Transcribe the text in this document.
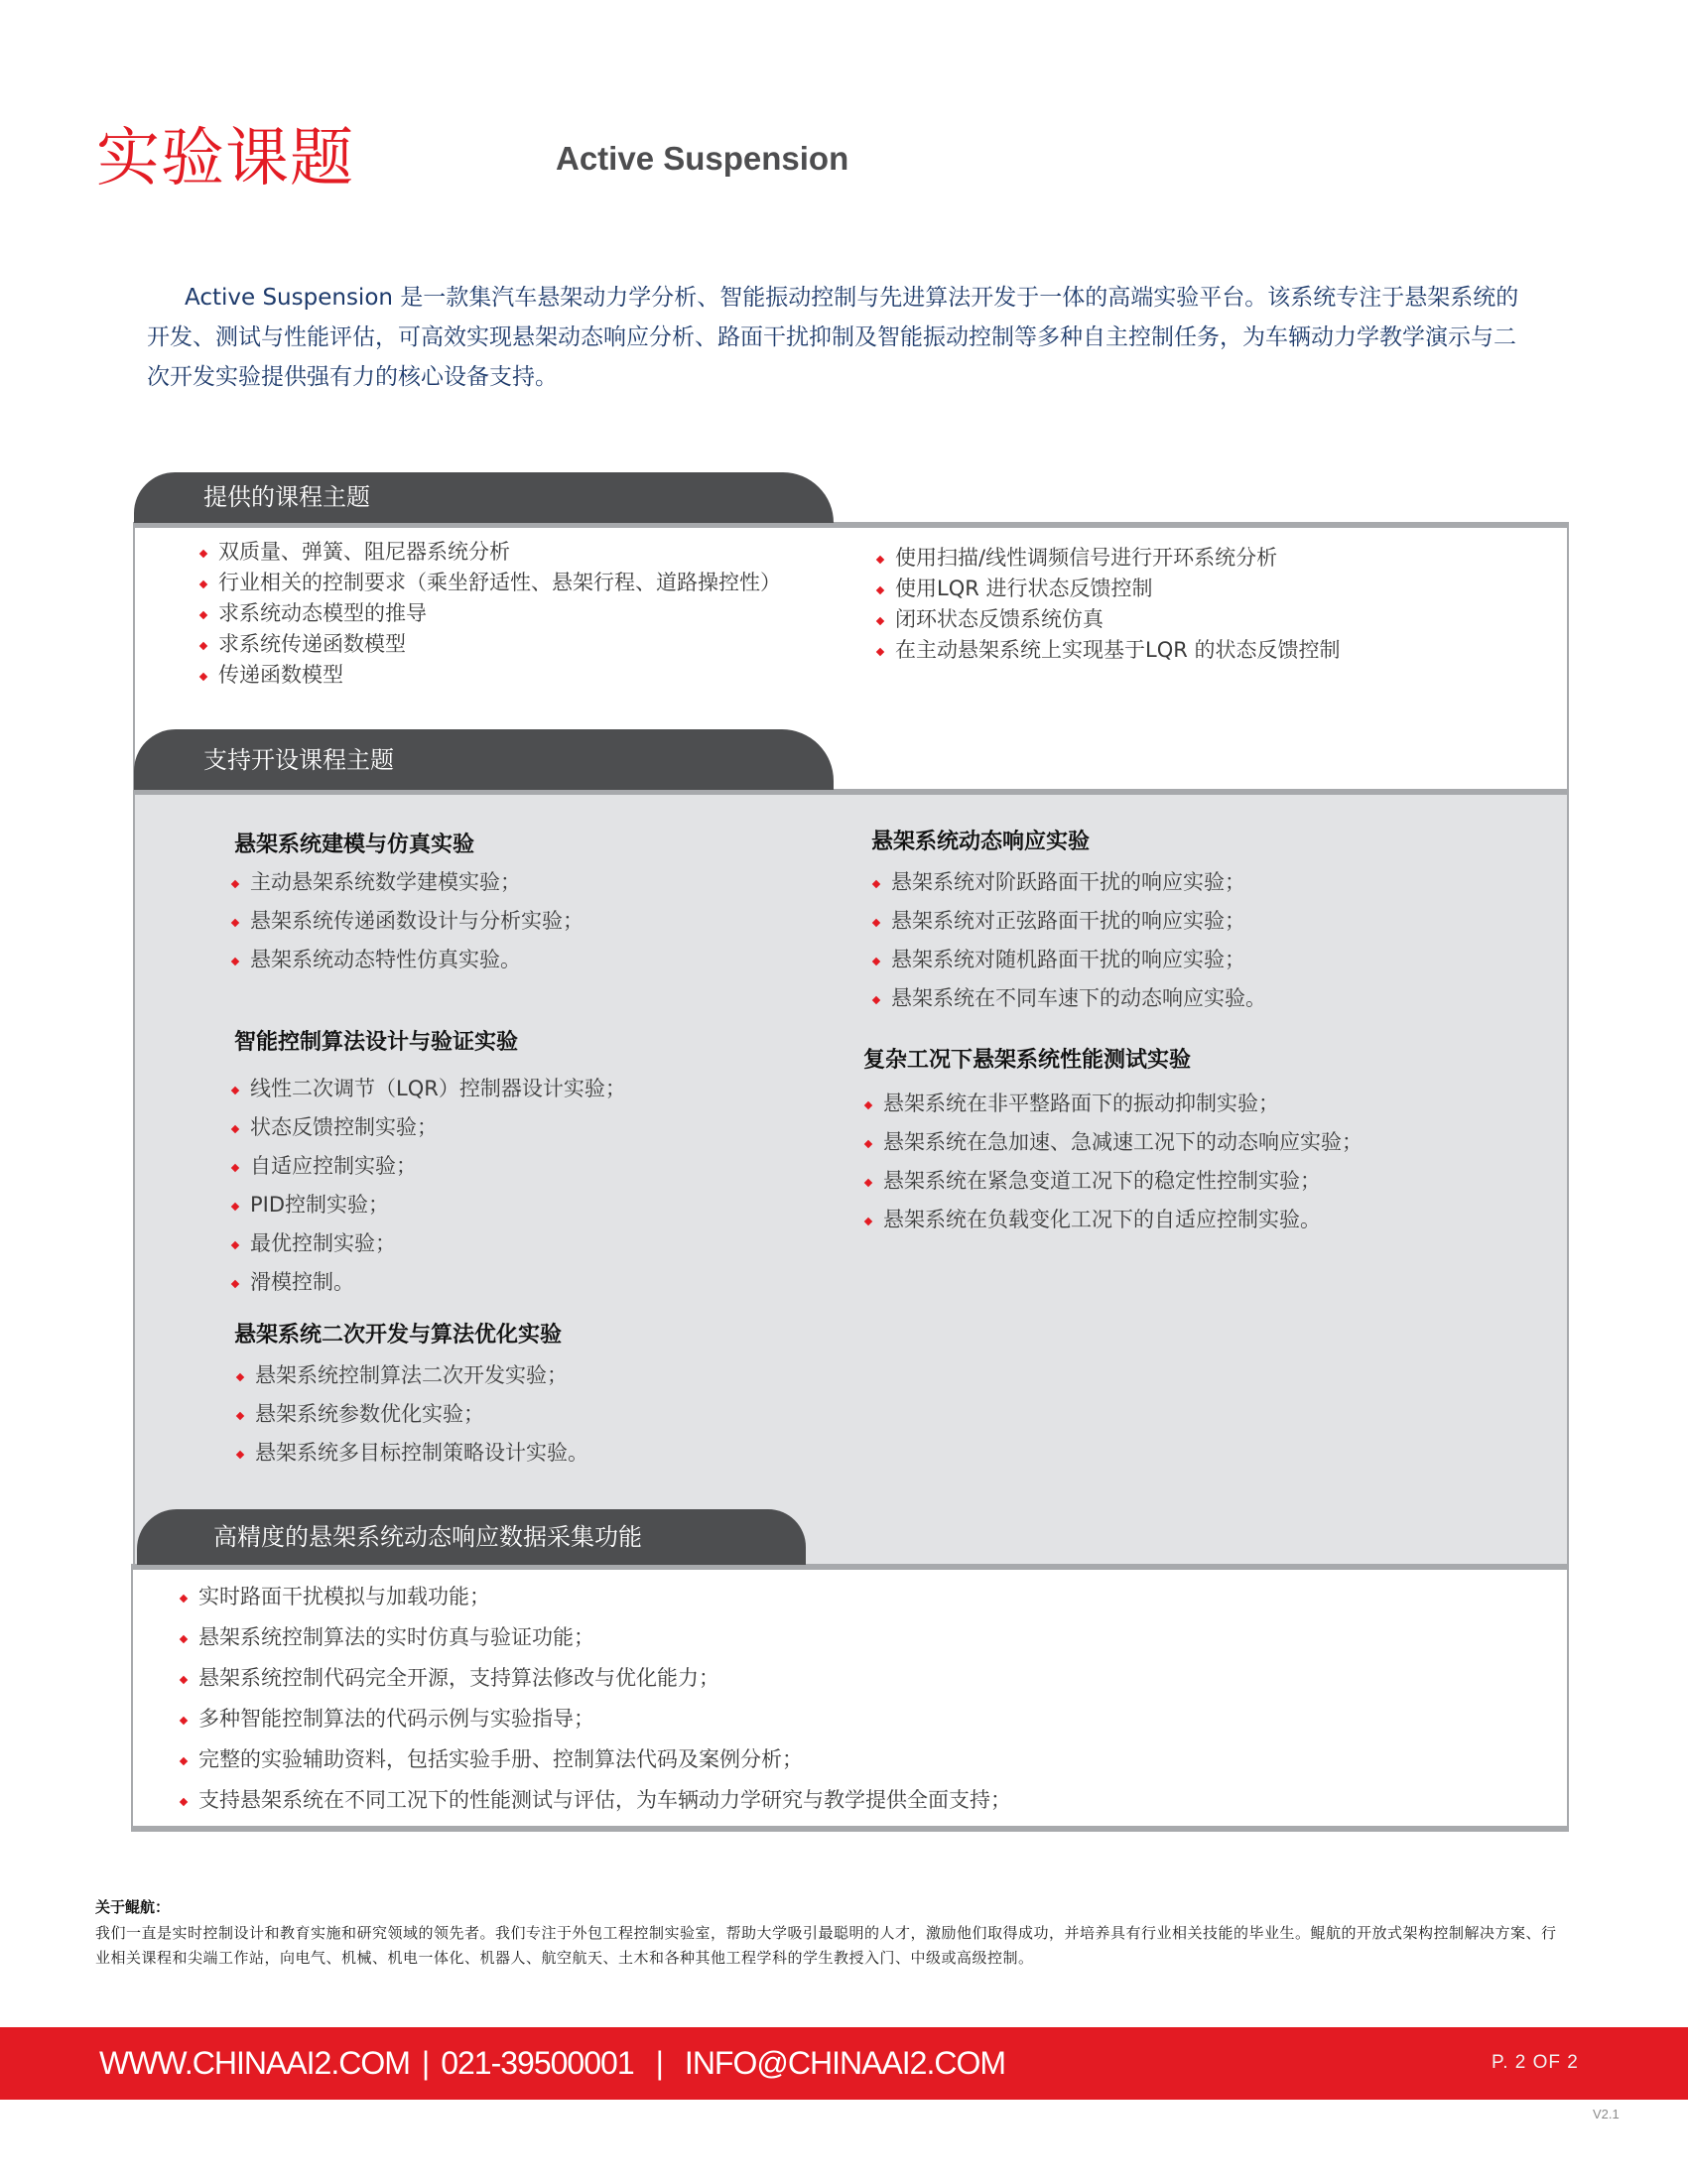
实验课题	Active Suspension

Active Suspension 是一款集汽车悬架动力学分析、智能振动控制与先进算法开发于一体的高端实验平台。该系统专注于悬架系统的开发、测试与性能评估，可高效实现悬架动态响应分析、路面干扰抑制及智能振动控制等多种自主控制任务，为车辆动力学教学演示与二次开发实验提供强有力的核心设备支持。

提供的课程主题
双质量、弹簧、阻尼器系统分析
行业相关的控制要求（乘坐舒适性、悬架行程、道路操控性）
求系统动态模型的推导
求系统传递函数模型
传递函数模型
使用扫描/线性调频信号进行开环系统分析
使用LQR 进行状态反馈控制
闭环状态反馈系统仿真
在主动悬架系统上实现基于LQR 的状态反馈控制
支持开设课程主题
悬架系统建模与仿真实验
主动悬架系统数学建模实验；
悬架系统传递函数设计与分析实验；
悬架系统动态特性仿真实验。
智能控制算法设计与验证实验
线性二次调节（LQR）控制器设计实验；
状态反馈控制实验；
自适应控制实验；
PID控制实验；
最优控制实验；
滑模控制。
悬架系统二次开发与算法优化实验
悬架系统控制算法二次开发实验；
悬架系统参数优化实验；
悬架系统多目标控制策略设计实验。
悬架系统动态响应实验
悬架系统对阶跃路面干扰的响应实验；
悬架系统对正弦路面干扰的响应实验；
悬架系统对随机路面干扰的响应实验；
悬架系统在不同车速下的动态响应实验。
复杂工况下悬架系统性能测试实验
悬架系统在非平整路面下的振动抑制实验；
悬架系统在急加速、急减速工况下的动态响应实验；
悬架系统在紧急变道工况下的稳定性控制实验；
悬架系统在负载变化工况下的自适应控制实验。
高精度的悬架系统动态响应数据采集功能
实时路面干扰模拟与加载功能；
悬架系统控制算法的实时仿真与验证功能；
悬架系统控制代码完全开源，支持算法修改与优化能力；
多种智能控制算法的代码示例与实验指导；
完整的实验辅助资料，包括实验手册、控制算法代码及案例分析；
支持悬架系统在不同工况下的性能测试与评估，为车辆动力学研究与教学提供全面支持；
关于鲲航：

我们一直是实时控制设计和教育实施和研究领域的领先者。我们专注于外包工程控制实验室，帮助大学吸引最聪明的人才，激励他们取得成功，并培养具有行业相关技能的毕业生。鲲航的开放式架构控制解决方案、行业相关课程和尖端工作站，向电气、机械、机电一体化、机器人、航空航天、土木和各种其他工程学科的学生教授入门、中级或高级控制。

WWW.CHINAAI2.COM | 021-39500001 | INFO@CHINAAI2.COM	P. 2 OF 2
V2.1
